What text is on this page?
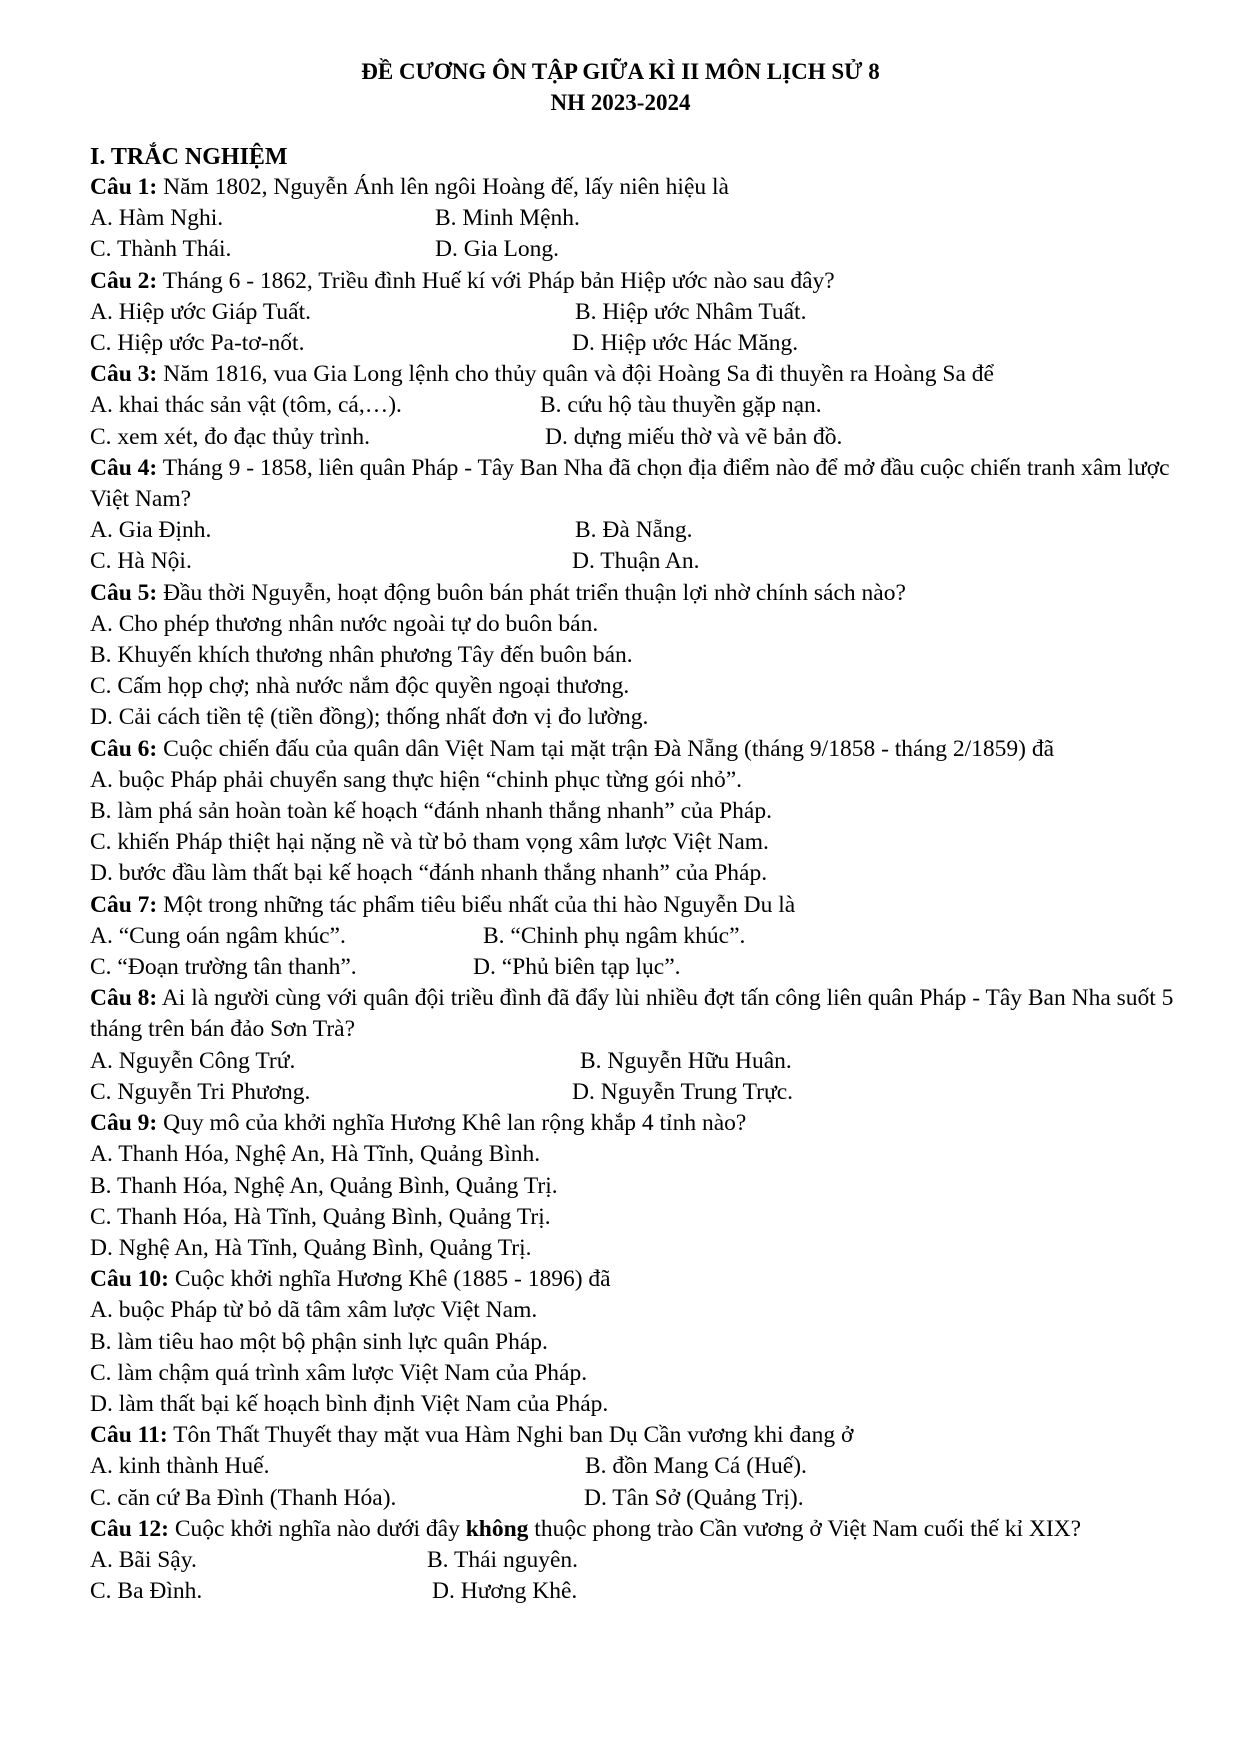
ĐỀ CƯƠNG ÔN TẬP GIỮA KÌ II MÔN LỊCH SỬ 8
NH 2023-2024
I. TRẮC NGHIỆM
Câu 1: Năm 1802, Nguyễn Ánh lên ngôi Hoàng đế, lấy niên hiệu là
A. Hàm Nghi.	B. Minh Mệnh.
C. Thành Thái.	D. Gia Long.
Câu 2: Tháng 6 - 1862, Triều đình Huế kí với Pháp bản Hiệp ước nào sau đây?
A. Hiệp ước Giáp Tuất.	B. Hiệp ước Nhâm Tuất.
C. Hiệp ước Pa-tơ-nốt.	D. Hiệp ước Hác Măng.
Câu 3: Năm 1816, vua Gia Long lệnh cho thủy quân và đội Hoàng Sa đi thuyền ra Hoàng Sa để
A. khai thác sản vật (tôm, cá,…).	B. cứu hộ tàu thuyền gặp nạn.
C. xem xét, đo đạc thủy trình.	D. dựng miếu thờ và vẽ bản đồ.
Câu 4: Tháng 9 - 1858, liên quân Pháp - Tây Ban Nha đã chọn địa điểm nào để mở đầu cuộc chiến tranh xâm lược Việt Nam?
A. Gia Định.	B. Đà Nẵng.
C. Hà Nội.	D. Thuận An.
Câu 5: Đầu thời Nguyễn, hoạt động buôn bán phát triển thuận lợi nhờ chính sách nào?
A. Cho phép thương nhân nước ngoài tự do buôn bán.
B. Khuyến khích thương nhân phương Tây đến buôn bán.
C. Cấm họp chợ; nhà nước nắm độc quyền ngoại thương.
D. Cải cách tiền tệ (tiền đồng); thống nhất đơn vị đo lường.
Câu 6: Cuộc chiến đấu của quân dân Việt Nam tại mặt trận Đà Nẵng (tháng 9/1858 - tháng 2/1859) đã
A. buộc Pháp phải chuyển sang thực hiện “chinh phục từng gói nhỏ”.
B. làm phá sản hoàn toàn kế hoạch “đánh nhanh thắng nhanh” của Pháp.
C. khiến Pháp thiệt hại nặng nề và từ bỏ tham vọng xâm lược Việt Nam.
D. bước đầu làm thất bại kế hoạch “đánh nhanh thắng nhanh” của Pháp.
Câu 7: Một trong những tác phẩm tiêu biểu nhất của thi hào Nguyễn Du là
A. “Cung oán ngâm khúc”.	B. “Chinh phụ ngâm khúc”.
C. “Đoạn trường tân thanh”.	D. “Phủ biên tạp lục”.
Câu 8: Ai là người cùng với quân đội triều đình đã đẩy lùi nhiều đợt tấn công liên quân Pháp - Tây Ban Nha suốt 5 tháng trên bán đảo Sơn Trà?
A. Nguyễn Công Trứ.	B. Nguyễn Hữu Huân.
C. Nguyễn Tri Phương.	D. Nguyễn Trung Trực.
Câu 9: Quy mô của khởi nghĩa Hương Khê lan rộng khắp 4 tỉnh nào?
A. Thanh Hóa, Nghệ An, Hà Tĩnh, Quảng Bình.
B. Thanh Hóa, Nghệ An, Quảng Bình, Quảng Trị.
C. Thanh Hóa, Hà Tĩnh, Quảng Bình, Quảng Trị.
D. Nghệ An, Hà Tĩnh, Quảng Bình, Quảng Trị.
Câu 10: Cuộc khởi nghĩa Hương Khê (1885 - 1896) đã
A. buộc Pháp từ bỏ dã tâm xâm lược Việt Nam.
B. làm tiêu hao một bộ phận sinh lực quân Pháp.
C. làm chậm quá trình xâm lược Việt Nam của Pháp.
D. làm thất bại kế hoạch bình định Việt Nam của Pháp.
Câu 11: Tôn Thất Thuyết thay mặt vua Hàm Nghi ban Dụ Cần vương khi đang ở
A. kinh thành Huế.	B. đồn Mang Cá (Huế).
C. căn cứ Ba Đình (Thanh Hóa).	D. Tân Sở (Quảng Trị).
Câu 12: Cuộc khởi nghĩa nào dưới đây không thuộc phong trào Cần vương ở Việt Nam cuối thế kỉ XIX?
A. Bãi Sậy.	B. Thái nguyên.
C. Ba Đình.	D. Hương Khê.
